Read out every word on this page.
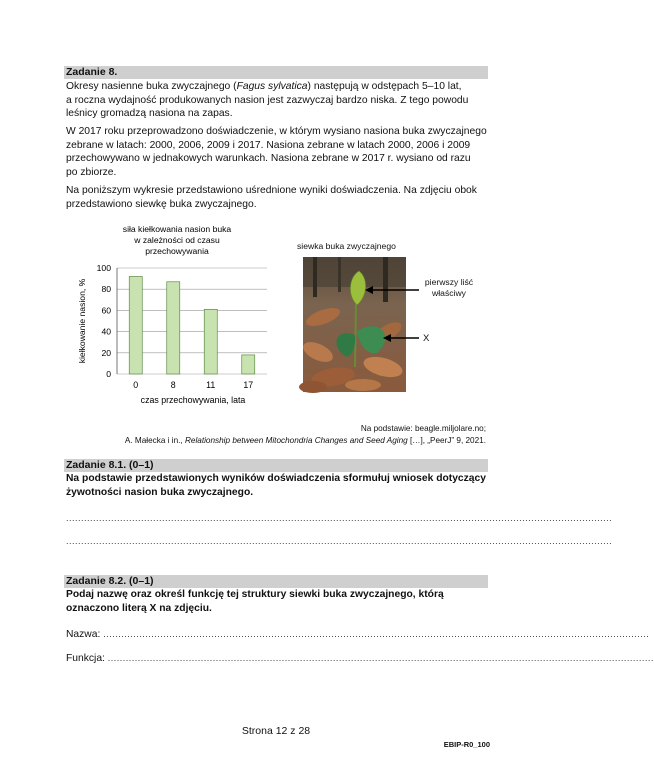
Zadanie 8.
Okresy nasienne buka zwyczajnego (Fagus sylvatica) następują w odstępach 5–10 lat,
a roczna wydajność produkowanych nasion jest zazwyczaj bardzo niska. Z tego powodu
leśnicy gromadzą nasiona na zapas.
W 2017 roku przeprowadzono doświadczenie, w którym wysiano nasiona buka zwyczajnego
zebrane w latach: 2000, 2006, 2009 i 2017. Nasiona zebrane w latach 2000, 2006 i 2009
przechowywano w jednakowych warunkach. Nasiona zebrane w 2017 r. wysiano od razu
po zbiorze.
Na poniższym wykresie przedstawiono uśrednione wyniki doświadczenia. Na zdjęciu obok
przedstawiono siewkę buka zwyczajnego.
siła kiełkowania nasion buka
w zależności od czasu
przechowywania
0
20
40
60
80
100
0	8	11	17
czas przechowywania, lata
kiełkowanie nasion, %
siewka buka zwyczajnego
pierwszy liść
właściwy
X
Na podstawie: beagle.miljolare.no;
A. Małecka i in., Relationship between Mitochondria Changes and Seed Aging […], „PeerJ” 9, 2021.
Zadanie 8.1. (0–1)
Na podstawie przedstawionych wyników doświadczenia sformułuj wniosek dotyczący
żywotności nasion buka zwyczajnego.
......................................................................................................................................................................................
......................................................................................................................................................................................
Zadanie 8.2. (0–1)
Podaj nazwę oraz określ funkcję tej struktury siewki buka zwyczajnego, którą
oznaczono literą X na zdjęciu.
Nazwa: ......................................................................................................................................................................................
Funkcja: ......................................................................................................................................................................................
Strona 12 z 28
EBIP-R0_100
